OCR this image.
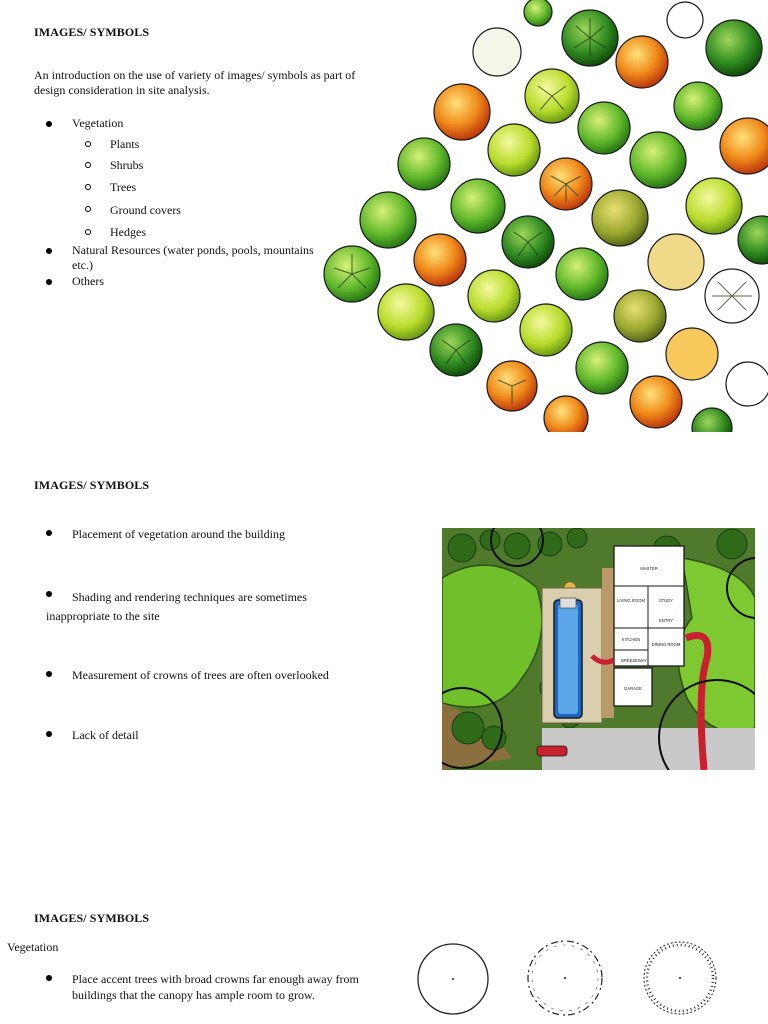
IMAGES/ SYMBOLS
An introduction on the use of variety of images/ symbols as part of design consideration in site analysis.
Vegetation
Plants
Shrubs
Trees
Ground covers
Hedges
Natural Resources (water ponds, pools, mountains etc.)
Others
IMAGES/ SYMBOLS
Placement of vegetation around the building
Shading and rendering techniques are sometimes inappropriate to the site
Measurement of crowns of trees are often overlooked
Lack of detail
MASTER
STUDY
LIVING ROOM
ENTRY
KITCHEN
DINING ROOM
BREEZEWAY
GARAGE
IMAGES/ SYMBOLS
Vegetation
Place accent trees with broad crowns far enough away from buildings that the canopy has ample room to grow.
